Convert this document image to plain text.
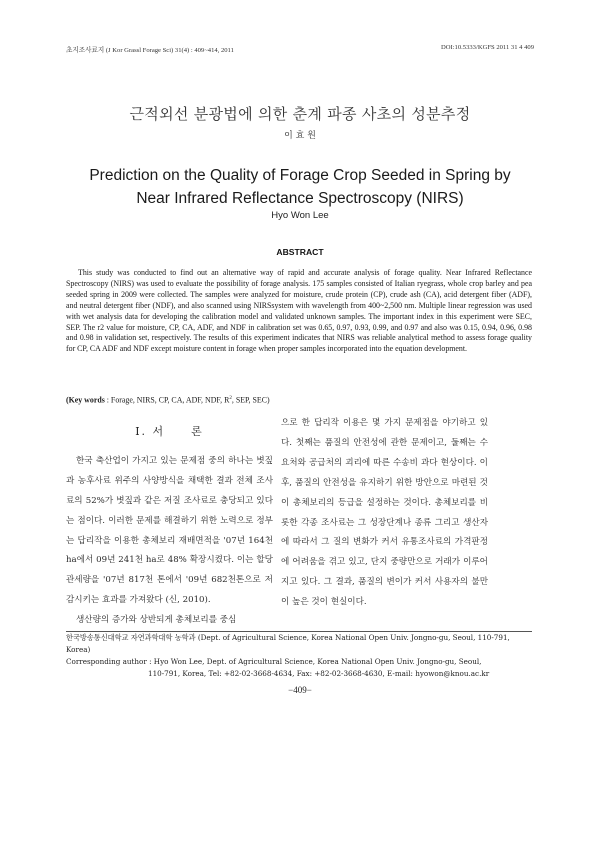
초지조사료지 (J Kor Grassl Forage Sci) 31(4) : 409~414, 2011	DOI:10.5333/KGFS 2011 31 4 409
근적외선 분광법에 의한 춘계 파종 사초의 성분추정
이 효 원
Prediction on the Quality of Forage Crop Seeded in Spring by
Near Infrared Reflectance Spectroscopy (NIRS)
Hyo Won Lee
ABSTRACT

This study was conducted to find out an alternative way of rapid and accurate analysis of forage quality. Near Infrared Reflectance Spectroscopy (NIRS) was used to evaluate the possibility of forage analysis. 175 samples consisted of Italian ryegrass, whole crop barley and pea seeded spring in 2009 were collected. The samples were analyzed for moisture, crude protein (CP), crude ash (CA), acid detergent fiber (ADF), and neutral detergent fiber (NDF), and also scanned using NIRSsystem with wavelength from 400~2,500 nm. Multiple linear regression was used with wet analysis data for developing the calibration model and validated unknown samples. The important index in this experiment were SEC, SEP. The r2 value for moisture, CP, CA, ADF, and NDF in calibration set was 0.65, 0.97, 0.93, 0.99, and 0.97 and also was 0.15, 0.94, 0.96, 0.98 and 0.98 in validation set, respectively. The results of this experiment indicates that NIRS was reliable analytical method to assess forage quality for CP, CA ADF and NDF except moisture content in forage when proper samples incorporated into the equation development.

(Key words : Forage, NIRS, CP, CA, ADF, NDF, $R^2$, SEP, SEC)
Ⅰ. 서　　론

한국 축산업이 가지고 있는 문제점 중의 하나는 볏짚과 농후사료 위주의 사양방식을 채택한 결과 전체 조사료의 52%가 볏짚과 같은 저질 조사료로 충당되고 있다는 점이다. 이러한 문제를 해결하기 위한 노력으로 정부는 답리작을 이용한 총체보리 재배면적을 '07년 164천ha에서 09년 241천 ha로 48% 확장시켰다. 이는 할당관세량을 '07년 817천 톤에서 '09년 682천톤으로 저감시키는 효과를 가져왔다 (신, 2010).

생산량의 증가와 상반되게 총체보리를 중심

으로 한 답리작 이용은 몇 가지 문제점을 야기하고 있다. 첫째는 품질의 안전성에 관한 문제이고, 둘째는 수요처와 공급처의 괴리에 따른 수송비 과다 현상이다. 이후, 품질의 안전성을 유지하기 위한 방안으로 마련된 것이 총체보리의 등급을 설정하는 것이다. 총체보리를 비롯한 각종 조사료는 그 성장단계나 종류 그리고 생산자에 따라서 그 질의 변화가 커서 유통조사료의 가격판정에 어려움을 겪고 있고, 단지 중량만으로 거래가 이루어지고 있다. 그 결과, 품질의 변이가 커서 사용자의 불만이 높은 것이 현실이다.

한국방송통신대학교 자연과학대학 농학과 (Dept. of Agricultural Science, Korea National Open Univ. Jongno-gu, Seoul, 110-791, Korea)

Corresponding author : Hyo Won Lee, Dept. of Agricultural Science, Korea National Open Univ. Jongno-gu, Seoul,
110-791, Korea, Tel: +82-02-3668-4634, Fax: +82-02-3668-4630, E-mail: hyowon@knou.ac.kr

−409−
